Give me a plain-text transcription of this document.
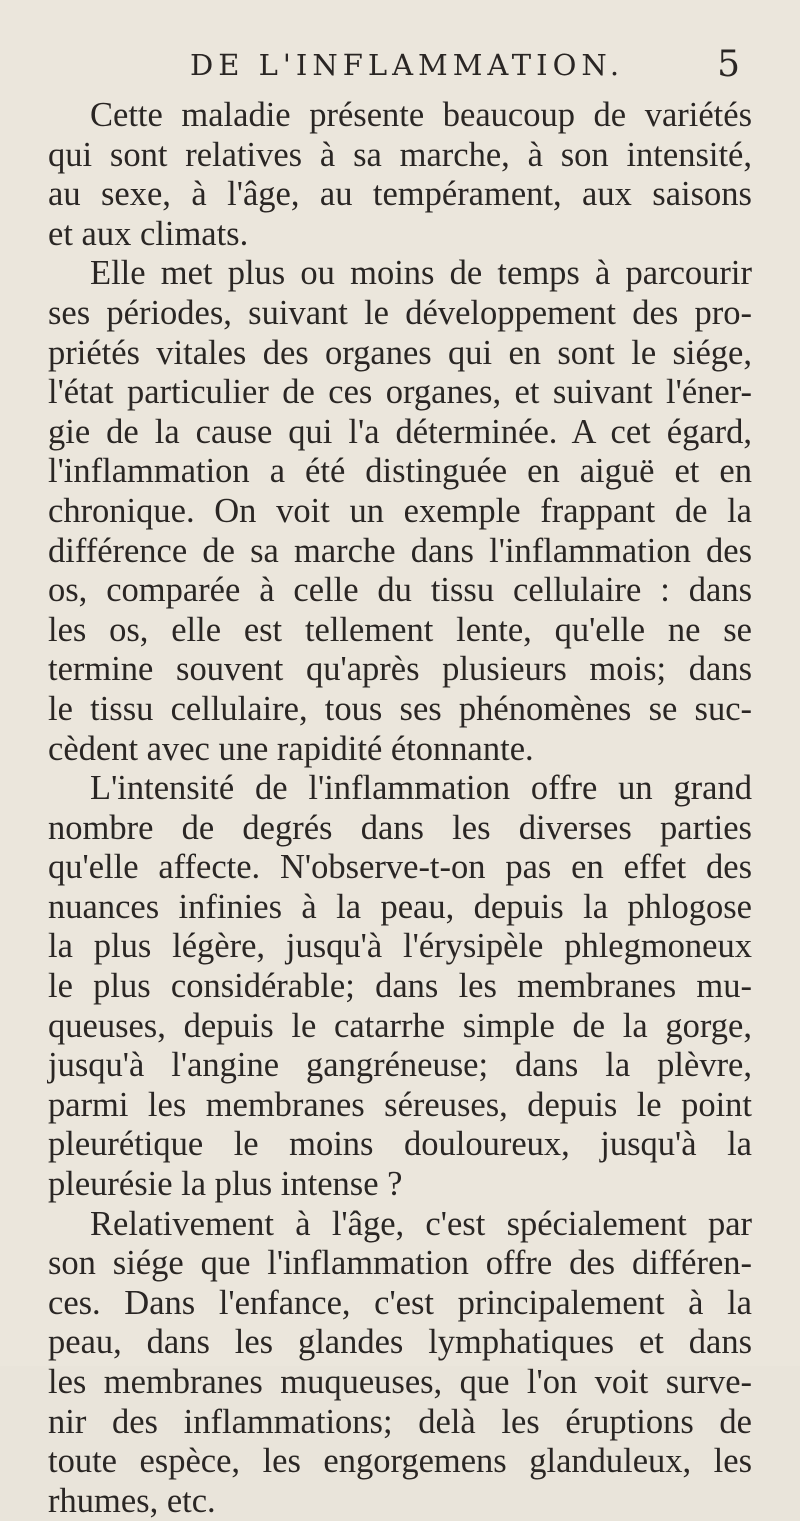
DE L'INFLAMMATION.	5
Cette maladie présente beaucoup de variétés
qui sont relatives à sa marche, à son intensité,
au sexe, à l'âge, au tempérament, aux saisons
et aux climats.
Elle met plus ou moins de temps à parcourir
ses périodes, suivant le développement des pro-
priétés vitales des organes qui en sont le siége,
l'état particulier de ces organes, et suivant l'éner-
gie de la cause qui l'a déterminée. A cet égard,
l'inflammation a été distinguée en aiguë et en
chronique. On voit un exemple frappant de la
différence de sa marche dans l'inflammation des
os, comparée à celle du tissu cellulaire : dans
les os, elle est tellement lente, qu'elle ne se
termine souvent qu'après plusieurs mois; dans
le tissu cellulaire, tous ses phénomènes se suc-
cèdent avec une rapidité étonnante.
L'intensité de l'inflammation offre un grand
nombre de degrés dans les diverses parties
qu'elle affecte. N'observe-t-on pas en effet des
nuances infinies à la peau, depuis la phlogose
la plus légère, jusqu'à l'érysipèle phlegmoneux
le plus considérable; dans les membranes mu-
queuses, depuis le catarrhe simple de la gorge,
jusqu'à l'angine gangréneuse; dans la plèvre,
parmi les membranes séreuses, depuis le point
pleurétique le moins douloureux, jusqu'à la
pleurésie la plus intense ?
Relativement à l'âge, c'est spécialement par
son siége que l'inflammation offre des différen-
ces. Dans l'enfance, c'est principalement à la
peau, dans les glandes lymphatiques et dans
les membranes muqueuses, que l'on voit surve-
nir des inflammations; delà les éruptions de
toute espèce, les engorgemens glanduleux, les
rhumes, etc.
